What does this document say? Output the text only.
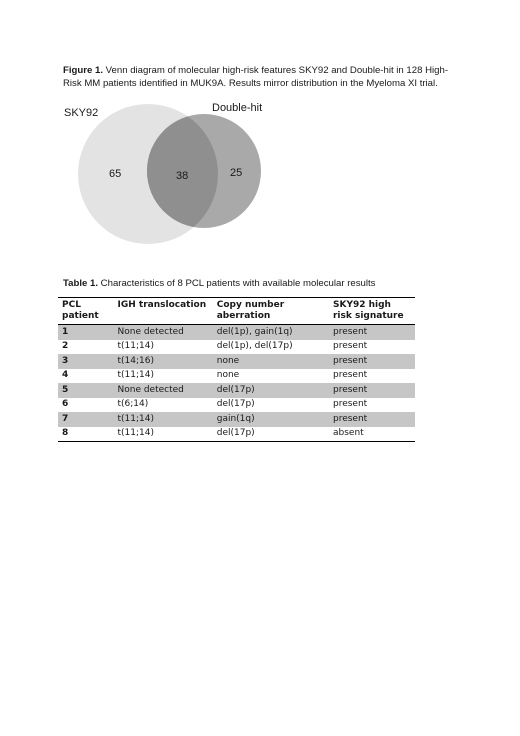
Figure 1. Venn diagram of molecular high-risk features SKY92 and Double-hit in 128 High-Risk MM patients identified in MUK9A. Results mirror distribution in the Myeloma XI trial.
SKY92	Double-hit
65	38	25
Table 1. Characteristics of 8 PCL patients with available molecular results
PCL patient	IGH translocation	Copy number aberration	SKY92 high risk signature
1	None detected	del(1p), gain(1q)	present
2	t(11;14)	del(1p), del(17p)	present
3	t(14;16)	none	present
4	t(11;14)	none	present
5	None detected	del(17p)	present
6	t(6;14)	del(17p)	present
7	t(11;14)	gain(1q)	present
8	t(11;14)	del(17p)	absent
